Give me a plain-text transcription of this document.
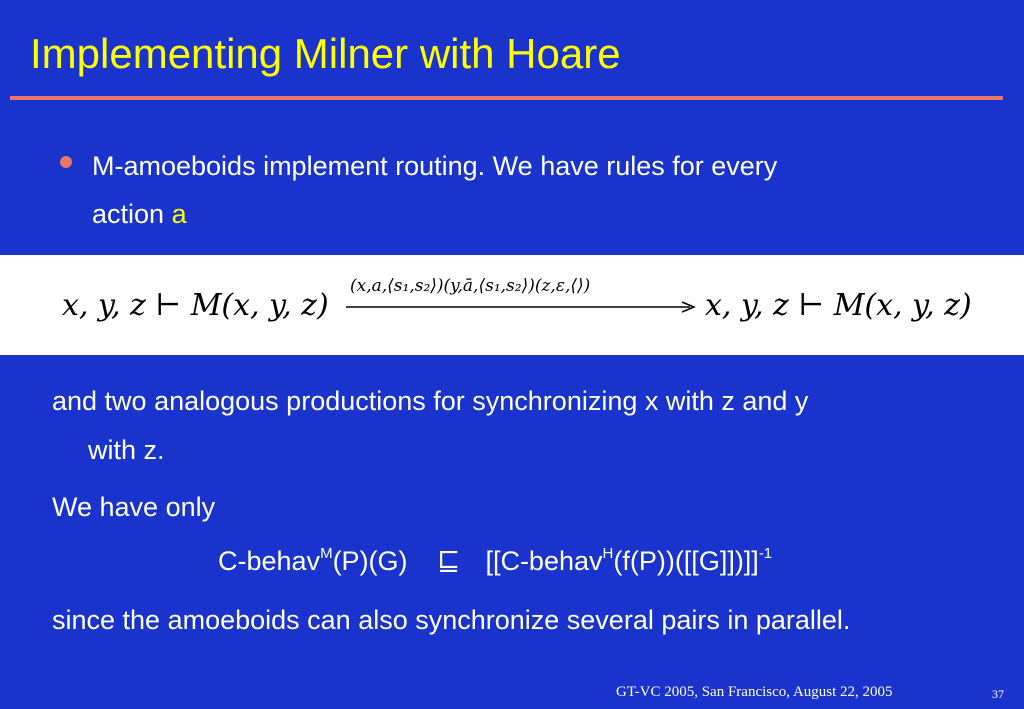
Implementing Milner with Hoare
M-amoeboids implement routing. We have rules for every
action a
x, y, z ⊢ M(x, y, z)
(x,a,⟨s₁,s₂⟩)(y,ā,⟨s₁,s₂⟩)(z,ε,⟨⟩)
x, y, z ⊢ M(x, y, z)
and two analogous productions for synchronizing x with z and y
with z.
We have only
C-behav$^M$(P)(G) ⊑ [[C-behav$^H$(f(P))([[G]])]]$^{-1}$
since the amoeboids can also synchronize several pairs in parallel.
GT-VC 2005, San Francisco, August 22, 2005	37
